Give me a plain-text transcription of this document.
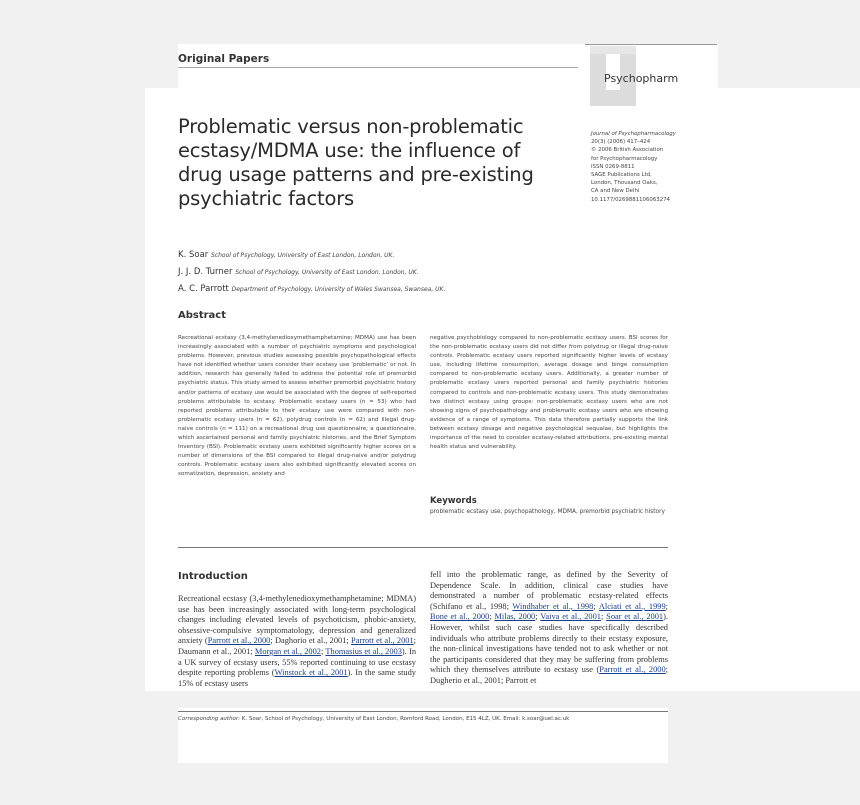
Original Papers
Psychopharm
Problematic versus non-problematic ecstasy/MDMA use: the influence of drug usage patterns and pre-existing psychiatric factors
Journal of Psychopharmacology
20(3) (2006) 417–424
© 2006 British Association
for Psychopharmacology
ISSN 0269-8811
SAGE Publications Ltd,
London, Thousand Oaks,
CA and New Delhi
10.1177/0269881106063274
K. Soar School of Psychology, University of East London, London, UK.
J. J. D. Turner School of Psychology, University of East London, London, UK.
A. C. Parrott Department of Psychology, University of Wales Swansea, Swansea, UK.
Abstract
Recreational ecstasy (3,4-methylenedioxymethamphetamine; MDMA) use has been increasingly associated with a number of psychiatric symptoms and psychological problems. However, previous studies assessing possible psychopathological effects have not identified whether users consider their ecstasy use ‘problematic’ or not. In addition, research has generally failed to address the potential role of premorbid psychiatric status. This study aimed to assess whether premorbid psychiatric history and/or patterns of ecstasy use would be associated with the degree of self-reported problems attributable to ecstasy. Problematic ecstasy users (n = 53) who had reported problems attributable to their ecstasy use were compared with non-problematic ecstasy users (n = 62), polydrug controls (n = 62) and illegal drug-naive controls (n = 111) on a recreational drug use questionnaire; a questionnaire, which ascertained personal and family psychiatric histories, and the Brief Symptom Inventory (BSI). Problematic ecstasy users exhibited significantly higher scores on a number of dimensions of the BSI compared to illegal drug-naive and/or polydrug controls. Problematic ecstasy users also exhibited significantly elevated scores on somatization, depression, anxiety and
negative psychobiology compared to non-problematic ecstasy users. BSI scores for the non-problematic ecstasy users did not differ from polydrug or illegal drug-naive controls. Problematic ecstasy users reported significantly higher levels of ecstasy use, including lifetime consumption, average dosage and binge consumption compared to non-problematic ecstasy users. Additionally, a greater number of problematic ecstasy users reported personal and family psychiatric histories compared to controls and non-problematic ecstasy users. This study demonstrates two distinct ecstasy using groups: non-problematic ecstasy users who are not showing signs of psychopathology and problematic ecstasy users who are showing evidence of a range of symptoms. This data therefore partially supports the link between ecstasy dosage and negative psychological sequalae, but highlights the importance of the need to consider ecstasy-related attributions, pre-existing mental health status and vulnerability.
Keywords
problematic ecstasy use, psychopathology, MDMA, premorbid psychiatric history
Introduction
Recreational ecstasy (3,4-methylenedioxymethamphetamine; MDMA) use has been increasingly associated with long-term psychological changes including elevated levels of psychoticism, phobic-anxiety, obsessive-compulsive symptomatology, depression and generalized anxiety (Parrott et al., 2000; Daghorio et al., 2001; Parrott et al., 2001; Daumann et al., 2001; Morgan et al., 2002; Thomasius et al., 2003). In a UK survey of ecstasy users, 55% reported continuing to use ecstasy despite reporting problems (Winstock et al., 2001). In the same study 15% of ecstasy users
fell into the problematic range, as defined by the Severity of Dependence Scale. In addition, clinical case studies have demonstrated a number of problematic ecstasy-related effects (Schifano et al., 1998; Windhaber et al., 1998; Alciati et al., 1999; Bone et al., 2000; Milas, 2000; Vaiva et al., 2001; Soar et al., 2001). However, whilst such case studies have specifically described individuals who attribute problems directly to their ecstasy exposure, the non-clinical investigations have tended not to ask whether or not the participants considered that they may be suffering from problems which they themselves attribute to ecstasy use (Parrott et al., 2000; Dugherio et al., 2001; Parrott et
Corresponding author: K. Soar, School of Psychology, University of East London, Romford Road, London, E15 4LZ, UK. Email: k.soar@uel.ac.uk
